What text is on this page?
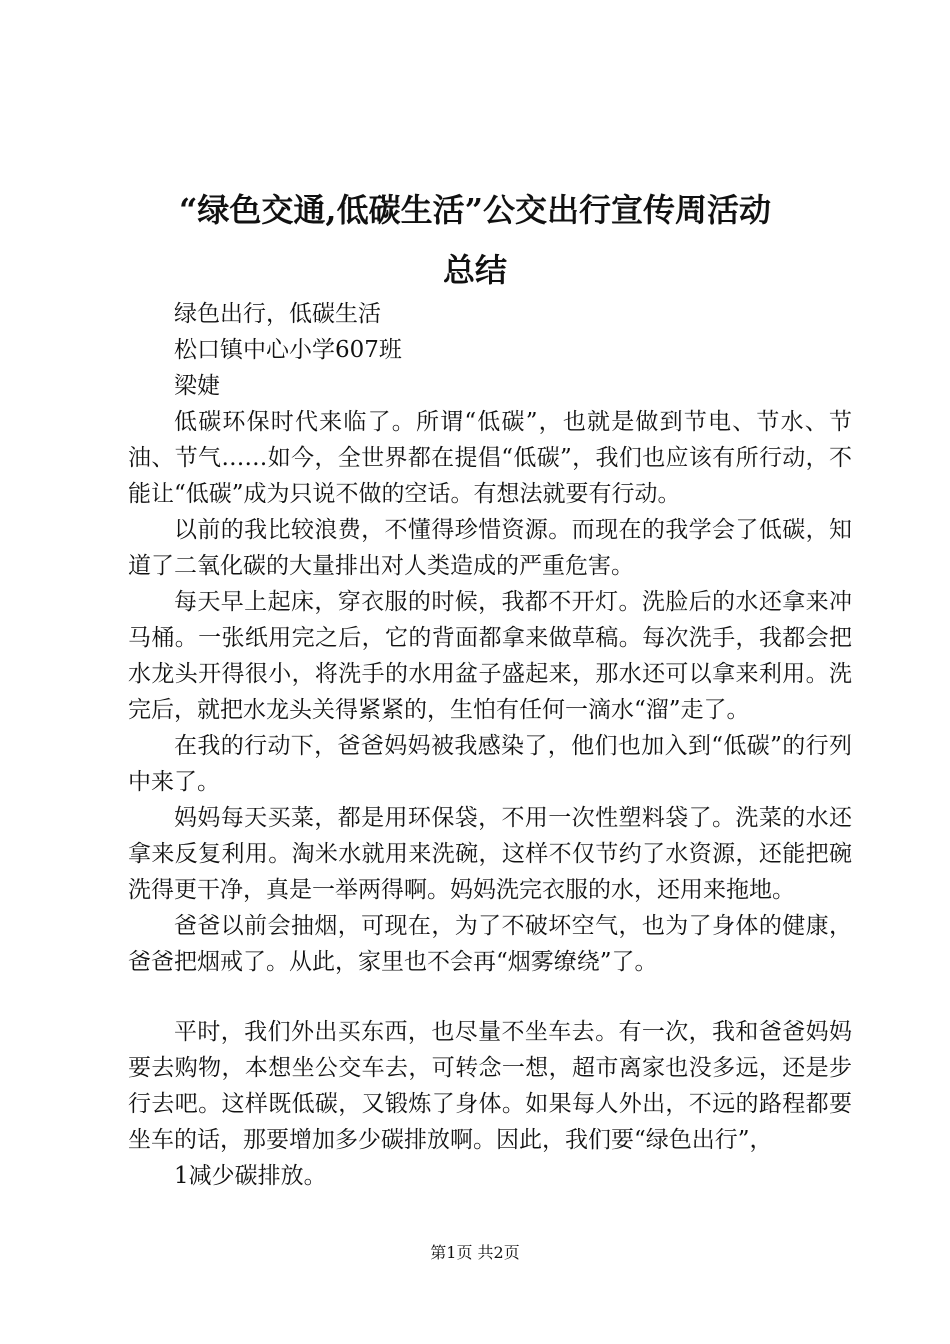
“绿色交通,低碳生活”公交出行宣传周活动
总结

绿色出行，低碳生活

松口镇中心小学607班

梁婕

低碳环保时代来临了。所谓“低碳”，也就是做到节电、节水、节油、节气……如今，全世界都在提倡“低碳”，我们也应该有所行动，不能让“低碳”成为只说不做的空话。有想法就要有行动。

以前的我比较浪费，不懂得珍惜资源。而现在的我学会了低碳，知道了二氧化碳的大量排出对人类造成的严重危害。

每天早上起床，穿衣服的时候，我都不开灯。洗脸后的水还拿来冲马桶。一张纸用完之后，它的背面都拿来做草稿。每次洗手，我都会把水龙头开得很小，将洗手的水用盆子盛起来，那水还可以拿来利用。洗完后，就把水龙头关得紧紧的，生怕有任何一滴水“溜”走了。

在我的行动下，爸爸妈妈被我感染了，他们也加入到“低碳”的行列中来了。

妈妈每天买菜，都是用环保袋，不用一次性塑料袋了。洗菜的水还拿来反复利用。淘米水就用来洗碗，这样不仅节约了水资源，还能把碗洗得更干净，真是一举两得啊。妈妈洗完衣服的水，还用来拖地。

爸爸以前会抽烟，可现在，为了不破坏空气，也为了身体的健康，爸爸把烟戒了。从此，家里也不会再“烟雾缭绕”了。

平时，我们外出买东西，也尽量不坐车去。有一次，我和爸爸妈妈要去购物，本想坐公交车去，可转念一想，超市离家也没多远，还是步行去吧。这样既低碳，又锻炼了身体。如果每人外出，不远的路程都要坐车的话，那要增加多少碳排放啊。因此，我们要“绿色出行”，

1减少碳排放。

第1页 共2页
